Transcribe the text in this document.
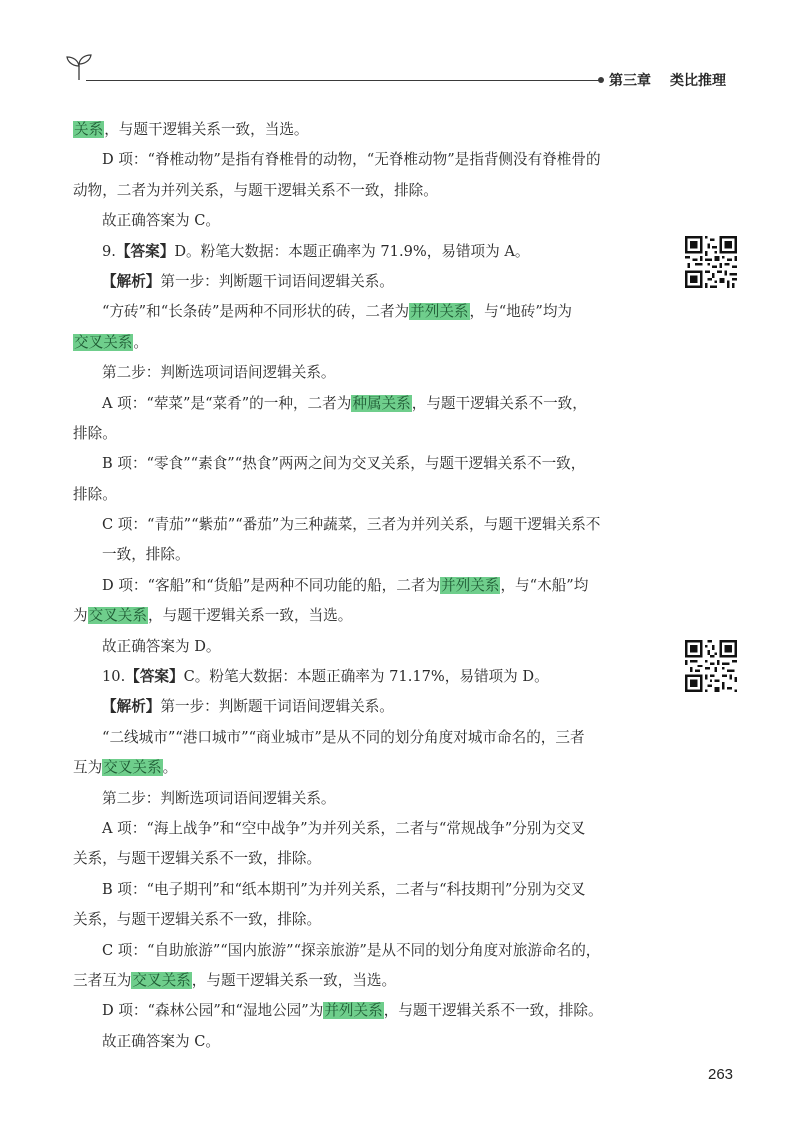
第三章 类比推理
关系，与题干逻辑关系一致，当选。
D 项：“脊椎动物”是指有脊椎骨的动物，“无脊椎动物”是指背侧没有脊椎骨的
动物，二者为并列关系，与题干逻辑关系不一致，排除。
故正确答案为 C。
9.【答案】D。粉笔大数据：本题正确率为 71.9%，易错项为 A。
【解析】第一步：判断题干词语间逻辑关系。
“方砖”和“长条砖”是两种不同形状的砖，二者为并列关系，与“地砖”均为
交叉关系。
第二步：判断选项词语间逻辑关系。
A 项：“荤菜”是“菜肴”的一种，二者为种属关系，与题干逻辑关系不一致，
排除。
B 项：“零食”“素食”“热食”两两之间为交叉关系，与题干逻辑关系不一致，
排除。
C 项：“青茄”“紫茄”“番茄”为三种蔬菜，三者为并列关系，与题干逻辑关系不
一致，排除。
D 项：“客船”和“货船”是两种不同功能的船，二者为并列关系，与“木船”均
为交叉关系，与题干逻辑关系一致，当选。
故正确答案为 D。
10.【答案】C。粉笔大数据：本题正确率为 71.17%，易错项为 D。
【解析】第一步：判断题干词语间逻辑关系。
“二线城市”“港口城市”“商业城市”是从不同的划分角度对城市命名的，三者
互为交叉关系。
第二步：判断选项词语间逻辑关系。
A 项：“海上战争”和“空中战争”为并列关系，二者与“常规战争”分别为交叉
关系，与题干逻辑关系不一致，排除。
B 项：“电子期刊”和“纸本期刊”为并列关系，二者与“科技期刊”分别为交叉
关系，与题干逻辑关系不一致，排除。
C 项：“自助旅游”“国内旅游”“探亲旅游”是从不同的划分角度对旅游命名的，
三者互为交叉关系，与题干逻辑关系一致，当选。
D 项：“森林公园”和“湿地公园”为并列关系，与题干逻辑关系不一致，排除。
故正确答案为 C。
263
